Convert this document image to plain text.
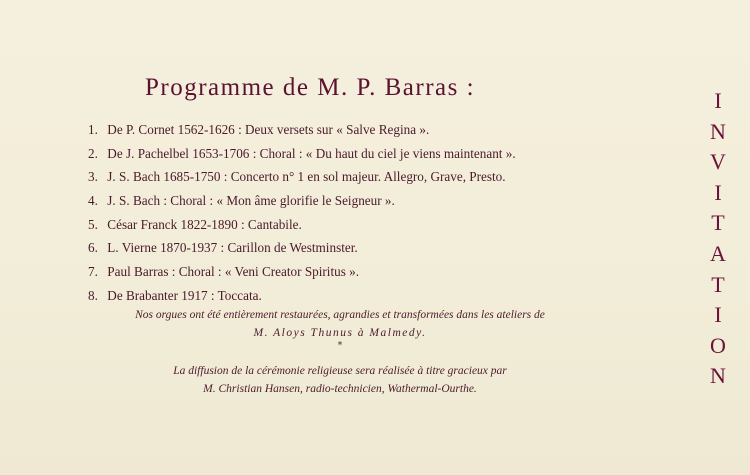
Programme de M. P. Barras :
1. De P. Cornet 1562-1626 : Deux versets sur « Salve Regina ».
2. De J. Pachelbel 1653-1706 : Choral : « Du haut du ciel je viens maintenant ».
3. J. S. Bach 1685-1750 : Concerto n° 1 en sol majeur. Allegro, Grave, Presto.
4. J. S. Bach : Choral : « Mon âme glorifie le Seigneur ».
5. César Franck 1822-1890 : Cantabile.
6. L. Vierne 1870-1937 : Carillon de Westminster.
7. Paul Barras : Choral : « Veni Creator Spiritus ».
8. De Brabanter 1917 : Toccata.

Nos orgues ont été entièrement restaurées, agrandies et transformées dans les ateliers de
M. Aloys Thunus à Malmedy.

*

La diffusion de la cérémonie religieuse sera réalisée à titre gracieux par
M. Christian Hansen, radio-technicien, Wathermal-Ourthe.

I
N
V
I
T
A
T
I
O
N
